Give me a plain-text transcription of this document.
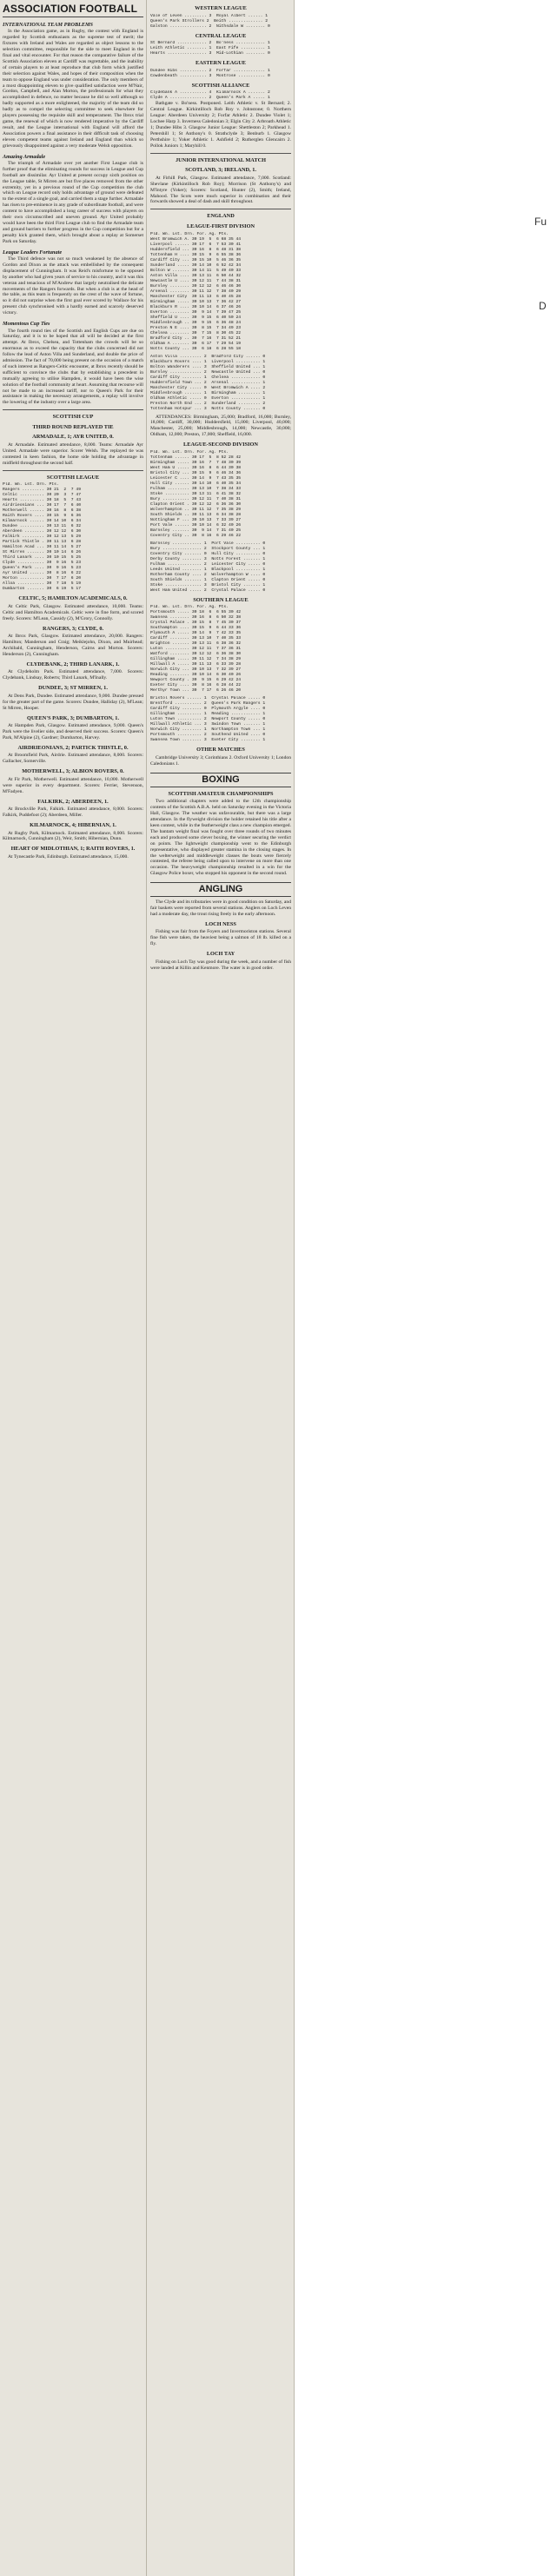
ASSOCIATION FOOTBALL
INTERNATIONAL TEAM PROBLEMS

In the Association game, as in Rugby, the contest with England is regarded by Scottish enthusiasts as the supreme test of merit; the fixtures with Ireland and Wales are regarded as object lessons to the selection committee, responsible for the side to meet England in the final and vital encounter. For that reason the comparative failure of the Scottish Association eleven at Cardiff was regrettable, and the inability of certain players to at least reproduce that club form which justified their selection against Wales, and hopes of their composition when the team to oppose England was under consideration. The only members of a most disappointing eleven to give qualified satisfaction were M'Nair, Gordon, Campbell, and Alan Morton, the professionals for what they accomplished in defence, no matter because he did so well although so badly supported as a more enlightened, the majority of the team did so badly as to compel the selecting committee to seek elsewhere for players possessing the requisite skill and temperament. The Ibrox trial game, the renewal of which is now rendered imperative by the Cardiff result, and the League international with England will afford the Association powers a final assistance in their difficult task of choosing eleven competent teams against Ireland and England than which so grievously disappointed against a very moderate Welsh opposition.

Amazing Armadale

The triumph of Armadale over yet another First League club is further proof that the eliminating rounds for success in League and Cup football are dissimilar. Ayr United at present occupy sixth position on the League table, St Mirren are but five places removed from the other extremity, yet in a previous round of the Cup competition the club which on League record only holds advantage of ground were defeated to the extent of a single goal, and carried them a stage further. Armadale has risen to pre-eminence in any grade of subordinate football, and were content to have accomplished a long career of success with players on their own circumscribed and uneven ground. Ayr United probably would have been the third First League club to find the Armadale team and ground barriers to further progress in the Cup competition but for a penalty kick granted them, which brought about a replay at Somerset Park on Saturday.

League Leaders Fortunate

The Third defence was not so much weakened by the absence of Gordon and Dixon as the attack was embellished by the consequent displacement of Cunningham. It was Reid's misfortune to be opposed by another who had given years of service to his country, and it was this veteran and tenacious of M'Andrew that largely neutralised the delicate movements of the Rangers forwards. But when a club is at the head of the table, as this team is frequently on the crest of the wave of fortune, so it did not surprise when the first goal ever scored by Wallace for his present club synchronised with a hardly earned and scarcely deserved victory.

Momentous Cup Ties

The fourth round ties of the Scottish and English Cups are due on Saturday, and it is to be hoped that all will be decided at the first attempt. At Ibrox, Chelsea, and Tottenham the crowds will be so enormous as to exceed the capacity that the clubs concerned did not follow the lead of Aston Villa and Sunderland, and double the price of admission. The fact of 70,000 being present on the occasion of a match of such interest as Rangers-Celtic encounter, at Ibrox recently should be sufficient to convince the clubs that by establishing a precedent in mutually agreeing to utilise Hampden, it would have been the wise solution of the football community at heart. Assuming that recourse will not be made to an increased tariff, nor to Queen's Park for their assistance in making the necessary arrangements, a replay will involve the lowering of the industry over a large area.

SCOTTISH CUP
THIRD ROUND REPLAYED TIE
ARMADALE, 1; AYR UNITED, 0.

At Armadale. Estimated attendance, 8,000. Teams: Armadale Ayr United. Armadale were superior. Scorer Welsh. The replayed tie was contested in keen fashion, the home side holding the advantage in midfield throughout the second half.

SCOTTISH LEAGUE
Pld. Wn. Lst. Drn. Pts.
Rangers ......... 30 21  2  7 49
Celtic .......... 30 20  3  7 47
Hearts .......... 30 18  5  7 43
Airdrieonians ... 30 17  7  6 40
Motherwell ...... 30 16  8  6 38
Raith Rovers .... 30 15  9  6 36
Kilmarnock ...... 30 14 10  6 34
Dundee .......... 30 13 11  6 32
Aberdeen ........ 30 12 12  6 30
Falkirk ......... 30 12 13  5 29
Partick Thistle . 30 11 13  6 28
Hamilton Acad ... 30 11 14  5 27
St Mirren ....... 30 10 14  6 26
Third Lanark .... 30 10 15  5 25
Clyde ........... 30  9 16  5 23
Queen's Park .... 30  9 16  5 23
Ayr United ...... 30  8 16  6 22
Morton .......... 30  7 17  6 20
Alloa ........... 30  7 18  5 19
Dumbarton ....... 30  6 19  5 17
CELTIC, 5; HAMILTON ACADEMICALS, 0.

At Celtic Park, Glasgow. Estimated attendance, 10,000. Teams: Celtic and Hamilton Academicals. Celtic were in fine form, and scored freely. Scorers: M'Lean, Cassidy (2), M'Grory, Connolly.

RANGERS, 3; CLYDE, 0.

At Ibrox Park, Glasgow. Estimated attendance, 20,000. Rangers: Hamilton; Manderson and Craig; Meiklejohn, Dixon, and Muirhead; Archibald, Cunningham, Henderson, Cairns and Morton. Scorers: Henderson (2), Cunningham.

CLYDEBANK, 2; THIRD LANARK, 1.

At Clydeholm Park. Estimated attendance, 7,000. Scorers: Clydebank, Lindsay, Roberts; Third Lanark, M'Inally.

DUNDEE, 3; ST MIRREN, 1.

At Dens Park, Dundee. Estimated attendance, 9,000. Dundee pressed for the greater part of the game. Scorers: Dundee, Halliday (2), M'Lean; St Mirren, Hooper.

QUEEN'S PARK, 3; DUMBARTON, 1.

At Hampden Park, Glasgow. Estimated attendance, 9,000. Queen's Park were the livelier side, and deserved their success. Scorers: Queen's Park, M'Alpine (2), Gardner; Dumbarton, Harvey.

AIRDRIEONIANS, 2; PARTICK THISTLE, 0.

At Broomfield Park, Airdrie. Estimated attendance, 8,000. Scorers: Gallacher, Somerville.

MOTHERWELL, 3; ALBION ROVERS, 0.

At Fir Park, Motherwell. Estimated attendance, 10,000. Motherwell were superior in every department. Scorers: Ferrier, Stevenson, M'Fadyen.

FALKIRK, 2; ABERDEEN, 1.

At Brockville Park, Falkirk. Estimated attendance, 8,000. Scorers: Falkirk, Puddefoot (2); Aberdeen, Miller.

KILMARNOCK, 4; HIBERNIAN, 1.

At Rugby Park, Kilmarnock. Estimated attendance, 8,000. Scorers: Kilmarnock, Cunningham (2), Weir, Smith; Hibernian, Dunn.

HEART OF MIDLOTHIAN, 1; RAITH ROVERS, 1.

At Tynecastle Park, Edinburgh. Estimated attendance, 15,000.

WESTERN LEAGUE
Vale of Leven ......... 3  Royal Albert ...... 1
Queen's Park Strollers 2  Beith .............. 2
Galston ............... 2  Nithsdale W ........ 0
CENTRAL LEAGUE
St Bernard ............ 2  Bo'ness ............ 1
Leith Athletic ........ 1  East Fife .......... 1
Hearts ................ 3  Mid-Lothian ........ 0
EASTERN LEAGUE
Dundee Hibs ........... 2  Forfar ............. 1
Cowdenbeath ........... 3  Montrose ........... 0
SCOTTISH ALLIANCE
Clydebank A ........... 4  Kilmarnock A ....... 2
Clyde A ............... 2  Queen's Park A ..... 1

Bathgate v. Bo'ness. Postponed. Leith Athletic v. St Bernard; 2. Central League. Kirkintilloch Rob Roy v. Johnstone; 0. Northern League: Aberdeen University 2; Forfar Athletic 2. Dundee Violet 1; Lochee Harp 3. Inverness Caledonian 3; Elgin City 2. Arbroath Athletic 1; Dundee Hibs 3. Glasgow Junior League: Shettleston 2; Parkhead 1. Petershill 1; St Anthony's 0. Strathclyde 3; Benburb 1. Glasgow Perthshire 1; Yoker Athletic 1. Ashfield 2; Rutherglen Glencairn 2. Pollok Juniors 1; Maryhill 0.

JUNIOR INTERNATIONAL MATCH
SCOTLAND, 3; IRELAND, 1.

At Firhill Park, Glasgow. Estimated attendance, 7,000. Scotland: Shevlane (Kirkintilloch Rob Roy); Morrison (St Anthony's) and M'Intyre (Yoker); Scorers: Scotland, Hunter (2), Smith; Ireland, Mahood. The Scots were much superior in combination and their forwards showed a deal of dash and skill throughout.

ENGLAND
LEAGUE-FIRST DIVISION
Pld. Wn. Lst. Drn. For. Ag. Pts.
West Bromwich A. 30 19  5  6 68 35 44
Liverpool ...... 30 17  6  7 53 30 41
Huddersfield ... 30 16  8  6 48 31 38
Tottenham H .... 30 15  9  6 55 38 36
Cardiff City ... 30 15 10  5 46 36 35
Sunderland ..... 30 14 10  6 52 42 34
Bolton W ....... 30 14 11  5 49 40 33
Aston Villa .... 30 13 11  6 50 44 32
Newcastle U .... 30 12 11  7 44 38 31
Burnley ........ 30 12 12  6 46 46 30
Arsenal ........ 30 11 12  7 38 40 29
Manchester City  30 11 13  6 40 45 28
Birmingham ..... 30 10 13  7 36 42 27
Blackburn R .... 30 10 14  6 37 46 26
Everton ........ 30  9 14  7 39 47 25
Sheffield U .... 30  9 15  6 40 50 24
Middlesbrough .. 30  9 15  6 36 48 24
Preston N E .... 30  8 15  7 34 49 23
Chelsea ........ 30  7 15  8 30 45 22
Bradford City .. 30  7 16  7 31 52 21
Oldham A ....... 30  6 17  7 29 54 19
Notts County ... 30  6 18  6 28 55 18
Aston Villa ......... 2  Bradford City ...... 0
Blackburn Rovers .... 1  Liverpool .......... 1
Bolton Wanderers .... 3  Sheffield United ... 1
Burnley ............. 2  Newcastle United ... 0
Cardiff City ........ 1  Chelsea ............ 0
Huddersfield Town ... 2  Arsenal ............ 1
Manchester City ..... 0  West Bromwich A .... 2
Middlesbrough ....... 1  Birmingham ......... 1
Oldham Athletic ..... 0  Everton ............ 1
Preston North End ... 2  Sunderland ......... 2
Tottenham Hotspur ... 3  Notts County ....... 0

ATTENDANCES: Birmingham, 25,000; Bradford, 16,000; Burnley, 18,000; Cardiff, 30,000; Huddersfield, 15,000; Liverpool, 40,000; Manchester, 25,000; Middlesbrough, 14,000; Newcastle, 30,000; Oldham, 12,000; Preston, 17,000; Sheffield, 16,000.

LEAGUE-SECOND DIVISION
Pld. Wn. Lst. Drn. For. Ag. Pts.
Tottenham ...... 30 17  5  8 52 28 42
Birmingham ..... 30 16  7  7 48 30 39
West Ham U ..... 30 16  8  6 44 30 38
Bristol City ... 30 15  9  6 46 34 36
Leicester C .... 30 14  9  7 43 35 35
Hull City ...... 30 14 10  6 40 35 34
Fulham ......... 30 13 10  7 38 34 33
Stoke .......... 30 13 11  6 41 38 32
Bury ........... 30 12 11  7 40 38 31
Clapton Orient . 30 12 12  6 36 36 30
Wolverhampton .. 30 11 12  7 35 38 29
South Shields .. 30 11 13  6 34 38 28
Nottingham F ... 30 10 13  7 33 39 27
Port Vale ...... 30 10 14  6 32 40 26
Barnsley ....... 30  9 14  7 31 40 25
Coventry City .. 30  8 16  6 29 46 22
Barnsley ............ 1  Port Vale .......... 0
Bury ................ 2  Stockport County ... 1
Coventry City ....... 0  Hull City .......... 0
Derby County ........ 3  Notts Forest ....... 1
Fulham .............. 2  Leicester City ..... 0
Leeds United ........ 1  Blackpool .......... 1
Rotherham County .... 2  Wolverhampton W .... 0
South Shields ....... 1  Clapton Orient ..... 0
Stoke ............... 3  Bristol City ....... 1
West Ham United ..... 2  Crystal Palace ..... 0
SOUTHERN LEAGUE
Pld. Wn. Lst. Drn. For. Ag. Pts.
Portsmouth ..... 30 18  6  6 55 30 42
Swansea ........ 30 16  8  6 50 32 38
Crystal Palace . 30 15  8  7 45 30 37
Southampton .... 30 15  9  6 44 33 36
Plymouth A ..... 30 14  9  7 42 33 35
Cardiff ........ 30 13 10  7 40 35 33
Brighton ....... 30 13 11  6 38 36 32
Luton .......... 30 12 11  7 37 36 31
Watford ........ 30 12 12  6 36 38 30
Gillingham ..... 30 11 12  7 34 38 29
Millwall A ..... 30 11 13  6 33 39 28
Norwich City ... 30 10 13  7 32 39 27
Reading ........ 30 10 14  6 30 40 26
Newport County . 30  9 15  6 29 42 24
Exeter City .... 30  8 16  6 28 44 22
Merthyr Town ... 30  7 17  6 26 46 20
Bristol Rovers ...... 1  Crystal Palace ..... 0
Brentford ........... 2  Queen's Park Rangers 1
Cardiff City ........ 0  Plymouth Argyle .... 0
Gillingham .......... 1  Reading ............ 1
Luton Town .......... 2  Newport County ..... 0
Millwall Athletic ... 3  Swindon Town ....... 1
Norwich City ........ 1  Northampton Town ... 1
Portsmouth .......... 2  Southend United .... 0
Swansea Town ........ 3  Exeter City ........ 1
OTHER MATCHES

Cambridge University 3; Corinthians 2. Oxford University 1; London Caledonians 1.

BOXING
SCOTTISH AMATEUR CHAMPIONSHIPS

Two additional chapters were added to the 12th championship contests of the Scottish A.B.A. held on Saturday evening in the Victoria Hall, Glasgow. The weather was unfavourable, but there was a large attendance. In the flyweight division the holder retained his title after a keen contest, while in the featherweight class a new champion emerged. The bantam weight final was fought over three rounds of two minutes each and produced some clever boxing, the winner securing the verdict on points. The lightweight championship went to the Edinburgh representative, who displayed greater stamina in the closing stages. In the welterweight and middleweight classes the bouts were fiercely contested, the referee being called upon to intervene on more than one occasion. The heavyweight championship resulted in a win for the Glasgow Police boxer, who stopped his opponent in the second round.

ANGLING

The Clyde and its tributaries were in good condition on Saturday, and fair baskets were reported from several stations. Anglers on Loch Leven had a moderate day, the trout rising freely in the early afternoon.

LOCH NESS

Fishing was fair from the Foyers and Invermoriston stations. Several fine fish were taken, the heaviest being a salmon of 18 lb. killed on a fly.

LOCH TAY

Fishing on Loch Tay was good during the week, and a number of fish were landed at Killin and Kenmore. The water is in good order.

Fu
D
